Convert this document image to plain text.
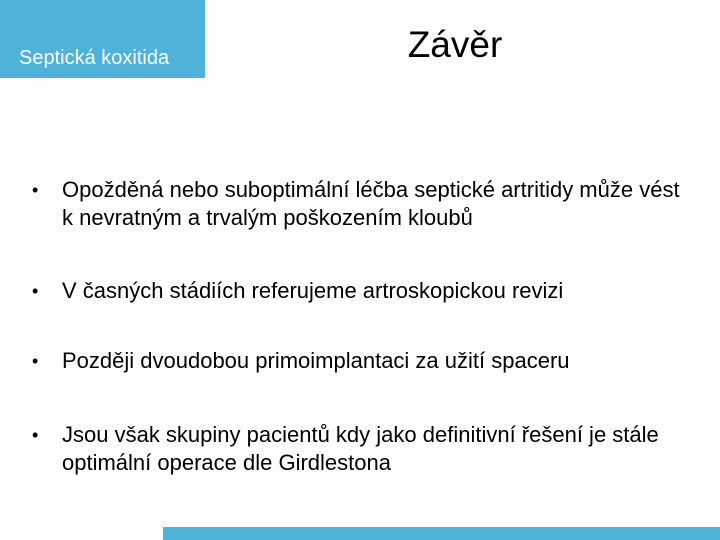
Septická koxitida	Závěr
• Opožděná nebo suboptimální léčba septické artritidy může vést k nevratným a trvalým poškozením kloubů
• V časných stádiích referujeme artroskopickou revizi
• Později dvoudobou primoimplantaci za užití spaceru
• Jsou však skupiny pacientů kdy jako definitivní řešení je stále optimální operace dle Girdlestona
